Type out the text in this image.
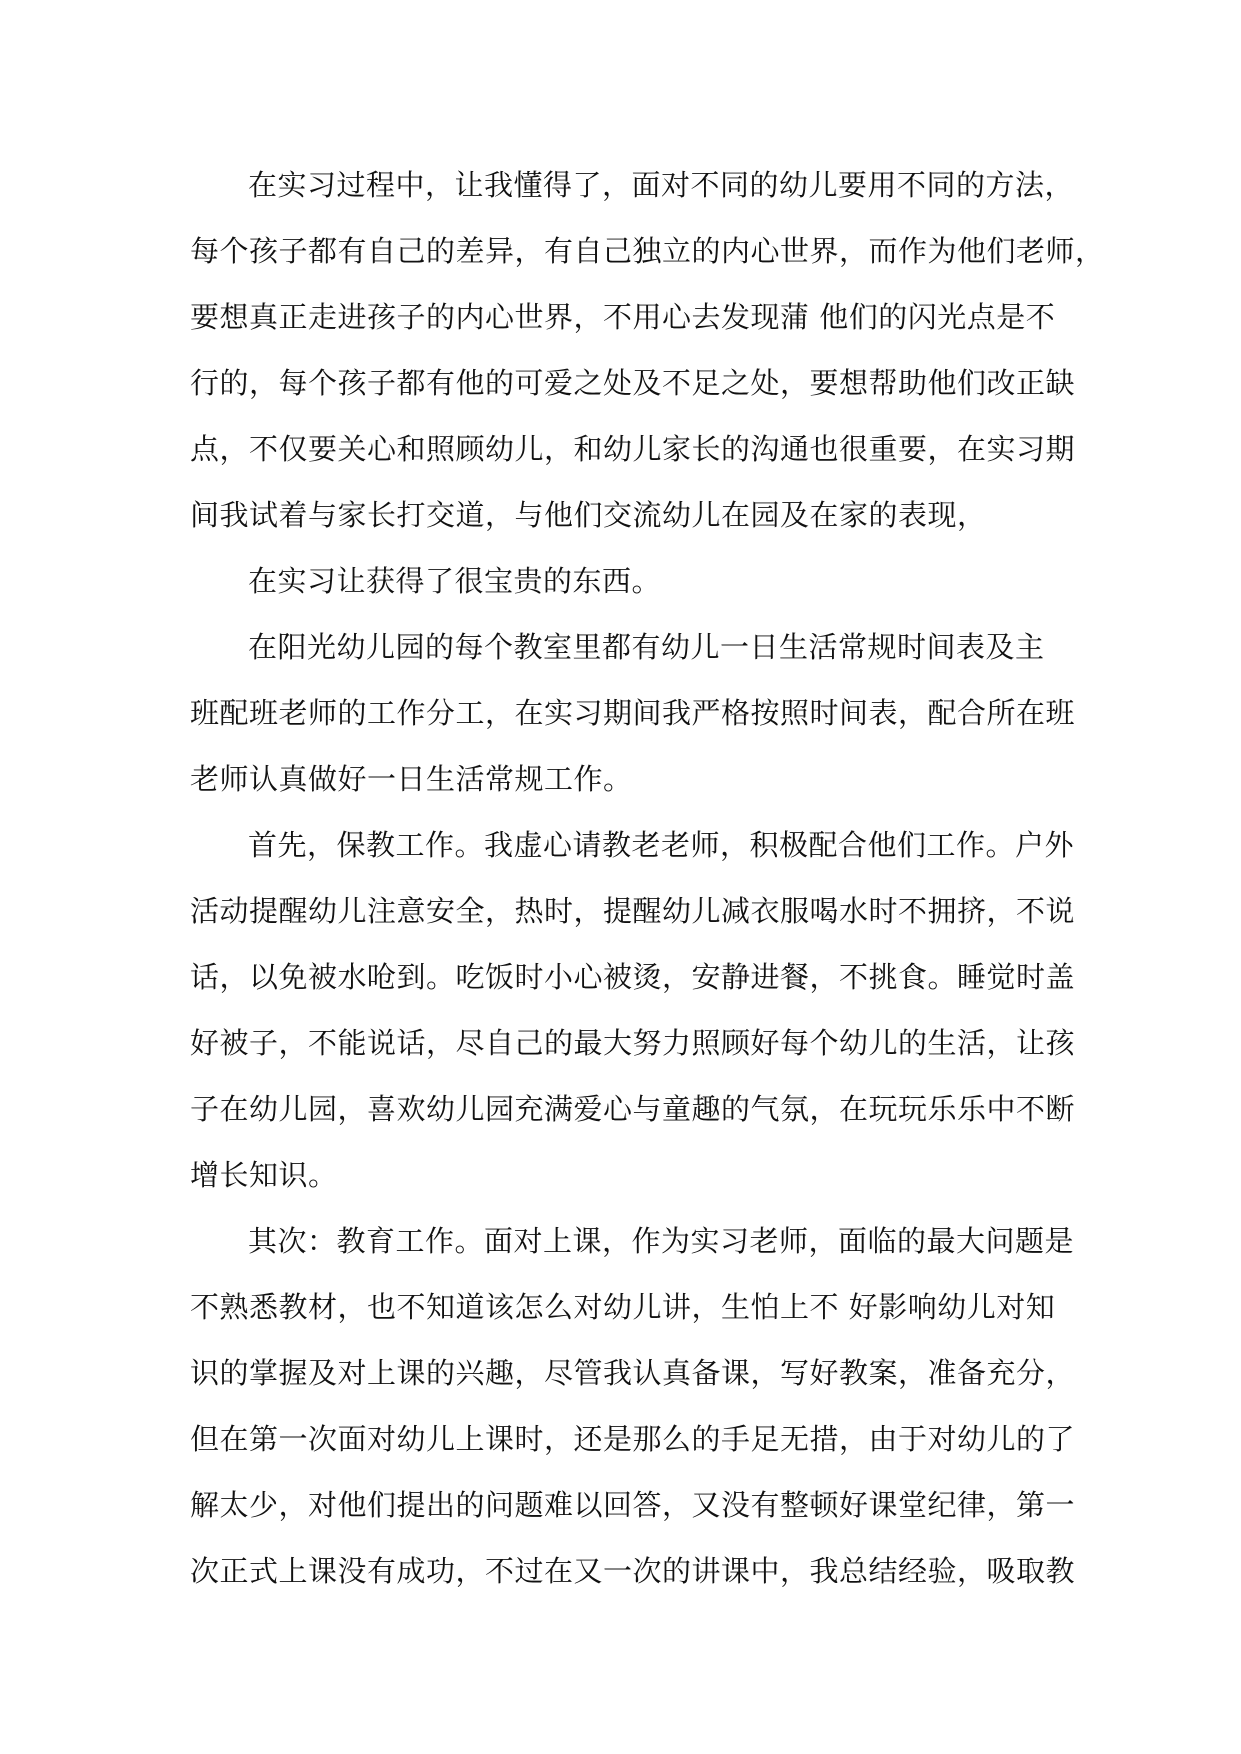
在实习过程中，让我懂得了，面对不同的幼儿要用不同的方法，
每个孩子都有自己的差异，有自己独立的内心世界，而作为他们老师，
要想真正走进孩子的内心世界，不用心去发现蒲 他们的闪光点是不
行的，每个孩子都有他的可爱之处及不足之处，要想帮助他们改正缺
点，不仅要关心和照顾幼儿，和幼儿家长的沟通也很重要，在实习期
间我试着与家长打交道，与他们交流幼儿在园及在家的表现，

在实习让获得了很宝贵的东西。

在阳光幼儿园的每个教室里都有幼儿一日生活常规时间表及主
班配班老师的工作分工，在实习期间我严格按照时间表，配合所在班
老师认真做好一日生活常规工作。

首先，保教工作。我虚心请教老老师，积极配合他们工作。户外
活动提醒幼儿注意安全，热时，提醒幼儿减衣服喝水时不拥挤，不说
话，以免被水呛到。吃饭时小心被烫，安静进餐，不挑食。睡觉时盖
好被子，不能说话，尽自己的最大努力照顾好每个幼儿的生活，让孩
子在幼儿园，喜欢幼儿园充满爱心与童趣的气氛，在玩玩乐乐中不断
增长知识。

其次：教育工作。面对上课，作为实习老师，面临的最大问题是
不熟悉教材，也不知道该怎么对幼儿讲，生怕上不 好影响幼儿对知
识的掌握及对上课的兴趣，尽管我认真备课，写好教案，准备充分，
但在第一次面对幼儿上课时，还是那么的手足无措，由于对幼儿的了
解太少，对他们提出的问题难以回答，又没有整顿好课堂纪律，第一
次正式上课没有成功，不过在又一次的讲课中，我总结经验，吸取教
